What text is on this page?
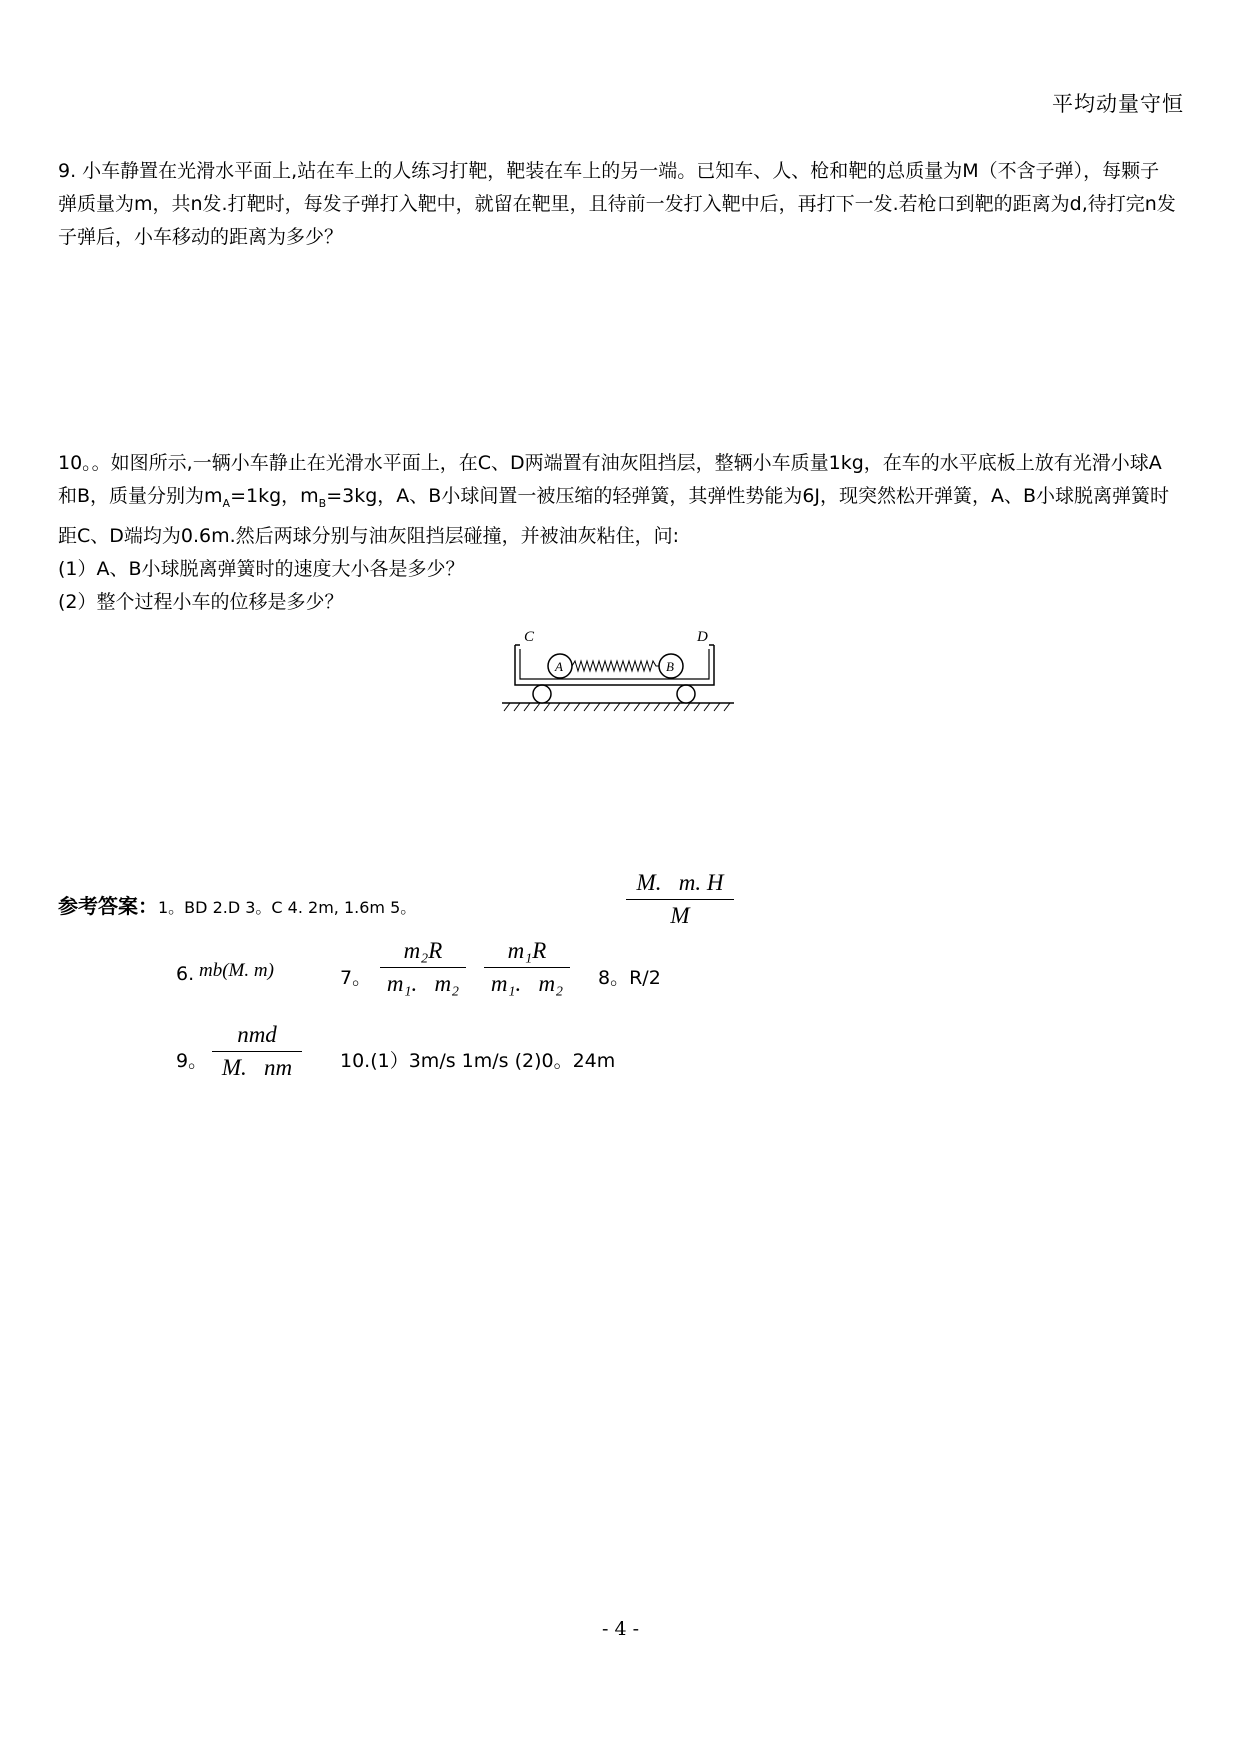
平均动量守恒
9. 小车静置在光滑水平面上,站在车上的人练习打靶，靶装在车上的另一端。已知车、人、枪和靶的总质量为M（不含子弹），每颗子弹质量为m，共n发.打靶时，每发子弹打入靶中，就留在靶里，且待前一发打入靶中后，再打下一发.若枪口到靶的距离为d,待打完n发子弹后，小车移动的距离为多少？
10。。如图所示,一辆小车静止在光滑水平面上，在C、D两端置有油灰阻挡层，整辆小车质量1kg，在车的水平底板上放有光滑小球A和B，质量分别为$m_A=1kg$，$m_B=3kg$，A、B小球间置一被压缩的轻弹簧，其弹性势能为6J，现突然松开弹簧，A、B小球脱离弹簧时距C、D端均为0.6m.然后两球分别与油灰阻挡层碰撞，并被油灰粘住，问:
(1）A、B小球脱离弹簧时的速度大小各是多少？
(2）整个过程小车的位移是多少？
C	D
A	B
参考答案：1。BD 2.D 3。C 4. 2m, 1.6m 5。
M.   m. H
M
6. mb(M. m)	7。
m₂R
m₁.   m₂
m₁R
m₁.   m₂	8。R/2
9。
nmd
M.   nm	10.(1）3m/s 1m/s (2)0。24m
- 4 -
